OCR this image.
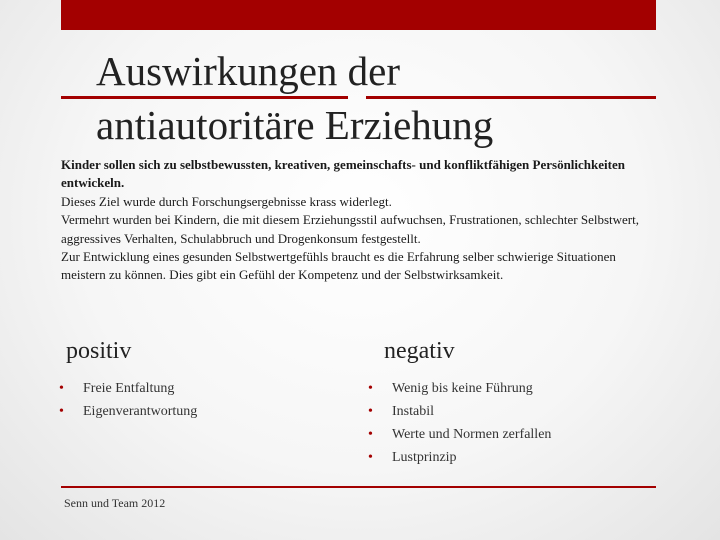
Auswirkungen der
antiautoritäre Erziehung

Kinder sollen sich zu selbstbewussten, kreativen, gemeinschafts- und konfliktfähigen Persönlichkeiten entwickeln.

Dieses Ziel wurde durch Forschungsergebnisse krass widerlegt.

Vermehrt wurden bei Kindern, die mit diesem Erziehungsstil aufwuchsen, Frustrationen, schlechter Selbstwert, aggressives Verhalten, Schulabbruch und Drogenkonsum festgestellt.

Zur Entwicklung eines gesunden Selbstwertgefühls braucht es die Erfahrung selber schwierige Situationen meistern zu können. Dies gibt ein Gefühl der Kompetenz und der Selbstwirksamkeit.

positiv	negativ
• Freie Entfaltung
• Eigenverantwortung
• Wenig bis keine Führung
• Instabil
• Werte und Normen zerfallen
• Lustprinzip
Senn und Team 2012
